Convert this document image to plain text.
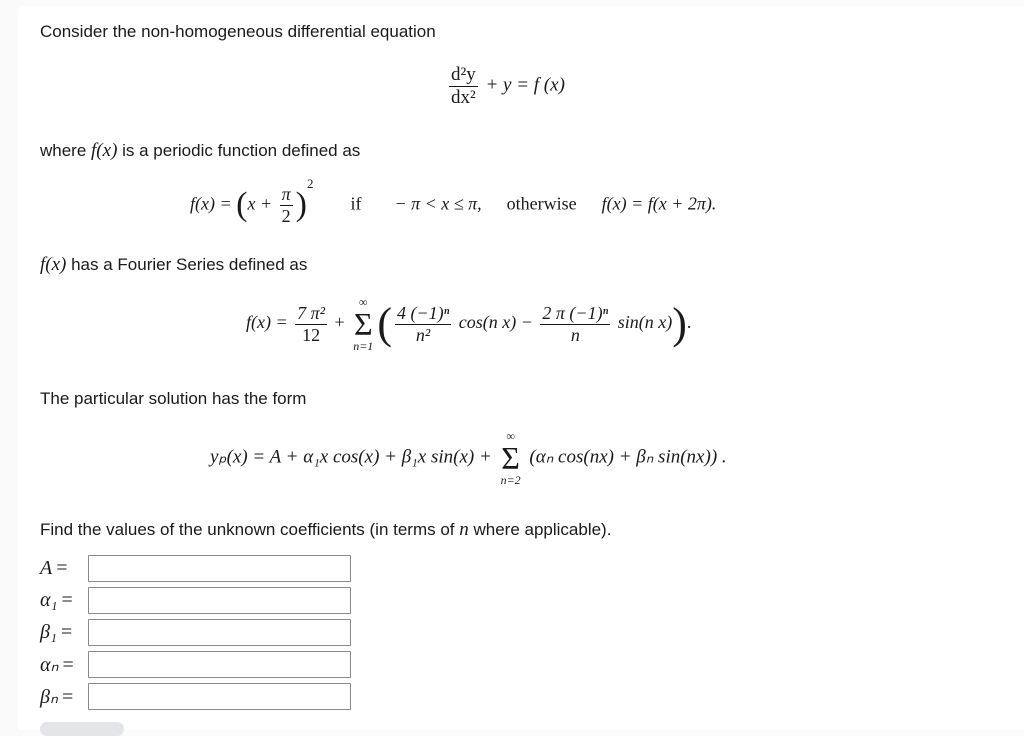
Consider the non-homogeneous differential equation
$\frac{\text{d²y}}{\text{dx²}} + y = f$ (x)
where f(x) is a periodic function defined as
$f(x) = (x + \frac{\pi}{2} )^2$  if − π < x ≤ π, otherwise f(x) = f(x + 2π).
f(x) has a Fourier Series defined as
$f(x) = \frac{\text{7 π²}}{12}$ +
∞
Σ
n=1 ( $\frac{\text{4 (−1)ⁿ}}{\text{n²}} \cos(n$ $x) - \frac{\text{2 π (−1)ⁿ}}{n} \sin(n$ x)).
The particular solution has the form
yₚ(x) = A + α₁x cos(x) + β₁x sin(x) +
∞
Σ
n=2
(αₙ cos(nx) + βₙ sin(nx)) .
Find the values of the unknown coefficients (in terms of n where applicable).
A =
α₁ =
β₁ =
αₙ =
βₙ =
